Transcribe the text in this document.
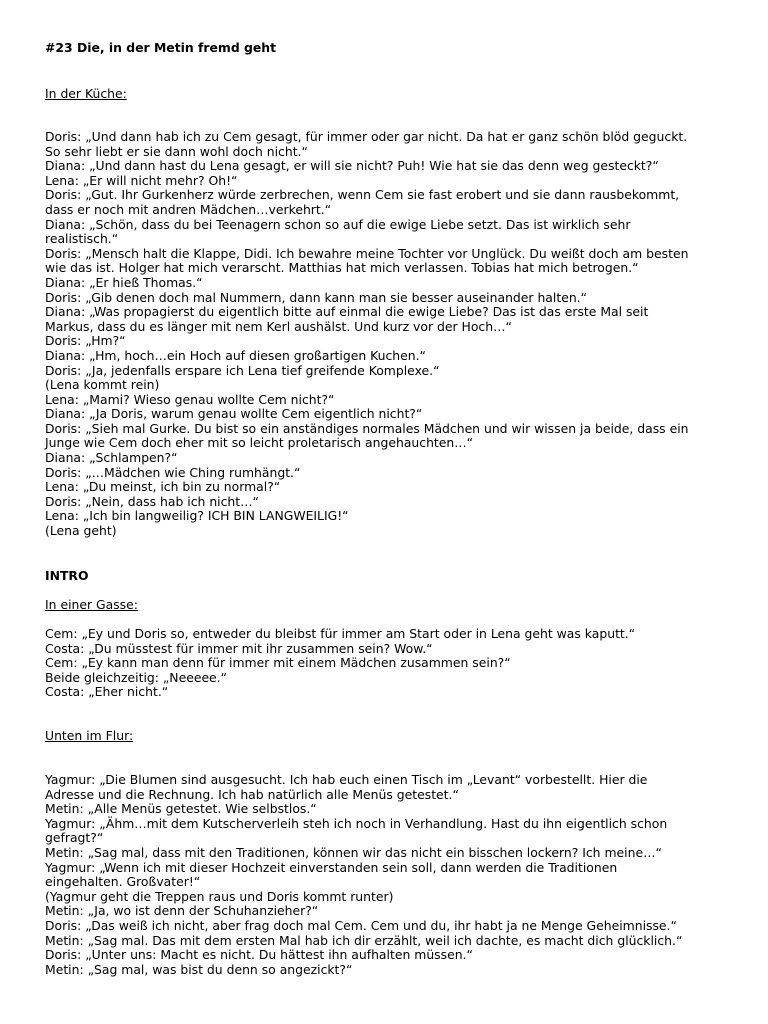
#23 Die, in der Metin fremd geht
In der Küche:
Doris: „Und dann hab ich zu Cem gesagt, für immer oder gar nicht. Da hat er ganz schön blöd geguckt.
So sehr liebt er sie dann wohl doch nicht.“
Diana: „Und dann hast du Lena gesagt, er will sie nicht? Puh! Wie hat sie das denn weg gesteckt?“
Lena: „Er will nicht mehr? Oh!“
Doris: „Gut. Ihr Gurkenherz würde zerbrechen, wenn Cem sie fast erobert und sie dann rausbekommt,
dass er noch mit andren Mädchen…verkehrt.“
Diana: „Schön, dass du bei Teenagern schon so auf die ewige Liebe setzt. Das ist wirklich sehr
realistisch.“
Doris: „Mensch halt die Klappe, Didi. Ich bewahre meine Tochter vor Unglück. Du weißt doch am besten
wie das ist. Holger hat mich verarscht. Matthias hat mich verlassen. Tobias hat mich betrogen.“
Diana: „Er hieß Thomas.“
Doris: „Gib denen doch mal Nummern, dann kann man sie besser auseinander halten.“
Diana: „Was propagierst du eigentlich bitte auf einmal die ewige Liebe? Das ist das erste Mal seit
Markus, dass du es länger mit nem Kerl aushälst. Und kurz vor der Hoch…“
Doris: „Hm?“
Diana: „Hm, hoch…ein Hoch auf diesen großartigen Kuchen.“
Doris: „Ja, jedenfalls erspare ich Lena tief greifende Komplexe.“
(Lena kommt rein)
Lena: „Mami? Wieso genau wollte Cem nicht?“
Diana: „Ja Doris, warum genau wollte Cem eigentlich nicht?“
Doris: „Sieh mal Gurke. Du bist so ein anständiges normales Mädchen und wir wissen ja beide, dass ein
Junge wie Cem doch eher mit so leicht proletarisch angehauchten…“
Diana: „Schlampen?“
Doris: „…Mädchen wie Ching rumhängt.“
Lena: „Du meinst, ich bin zu normal?“
Doris: „Nein, dass hab ich nicht…“
Lena: „Ich bin langweilig? ICH BIN LANGWEILIG!“
(Lena geht)
INTRO
In einer Gasse:
Cem: „Ey und Doris so, entweder du bleibst für immer am Start oder in Lena geht was kaputt.“
Costa: „Du müsstest für immer mit ihr zusammen sein? Wow.“
Cem: „Ey kann man denn für immer mit einem Mädchen zusammen sein?“
Beide gleichzeitig: „Neeeee.“
Costa: „Eher nicht.“
Unten im Flur:
Yagmur: „Die Blumen sind ausgesucht. Ich hab euch einen Tisch im „Levant“ vorbestellt. Hier die
Adresse und die Rechnung. Ich hab natürlich alle Menüs getestet.“
Metin: „Alle Menüs getestet. Wie selbstlos.“
Yagmur: „Ähm…mit dem Kutscherverleih steh ich noch in Verhandlung. Hast du ihn eigentlich schon
gefragt?“
Metin: „Sag mal, dass mit den Traditionen, können wir das nicht ein bisschen lockern? Ich meine…“
Yagmur: „Wenn ich mit dieser Hochzeit einverstanden sein soll, dann werden die Traditionen
eingehalten. Großvater!“
(Yagmur geht die Treppen raus und Doris kommt runter)
Metin: „Ja, wo ist denn der Schuhanzieher?“
Doris: „Das weiß ich nicht, aber frag doch mal Cem. Cem und du, ihr habt ja ne Menge Geheimnisse.“
Metin: „Sag mal. Das mit dem ersten Mal hab ich dir erzählt, weil ich dachte, es macht dich glücklich.“
Doris: „Unter uns: Macht es nicht. Du hättest ihn aufhalten müssen.“
Metin: „Sag mal, was bist du denn so angezickt?“
